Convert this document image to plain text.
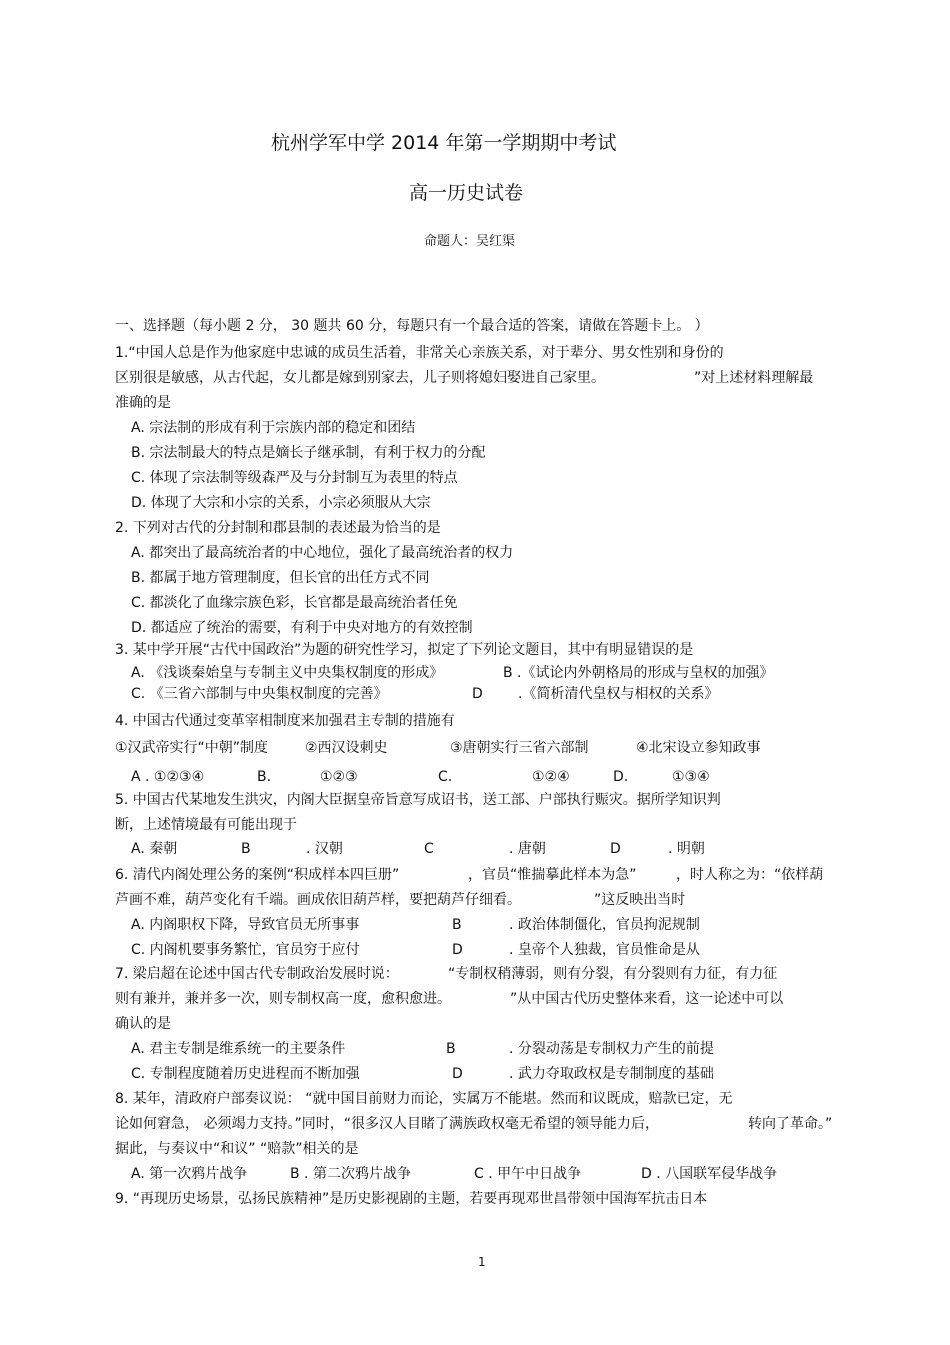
杭州学军中学 2014 年第一学期期中考试
高一历史试卷
命题人：吴红渠
一、选择题（每小题 2 分， 30 题共 60 分，每题只有一个最合适的答案，请做在答题卡上。 ）
1.“中国人总是作为他家庭中忠诚的成员生活着，非常关心亲族关系，对于辈分、男女性别和身份的
区别很是敏感，从古代起，女儿都是嫁到别家去，儿子则将媳妇娶进自己家里。	”对上述材料理解最
准确的是
A. 宗法制的形成有利于宗族内部的稳定和团结
B. 宗法制最大的特点是嫡长子继承制，有利于权力的分配
C. 体现了宗法制等级森严及与分封制互为表里的特点
D. 体现了大宗和小宗的关系，小宗必须服从大宗
2. 下列对古代的分封制和郡县制的表述最为恰当的是
A. 都突出了最高统治者的中心地位，强化了最高统治者的权力
B. 都属于地方管理制度，但长官的出任方式不同
C. 都淡化了血缘宗族色彩，长官都是最高统治者任免
D. 都适应了统治的需要，有利于中央对地方的有效控制
3. 某中学开展“古代中国政治”为题的研究性学习，拟定了下列论文题目，其中有明显错误的是
A. 《浅谈秦始皇与专制主义中央集权制度的形成》	B .《试论内外朝格局的形成与皇权的加强》
C. 《三省六部制与中央集权制度的完善》	D	.《简析清代皇权与相权的关系》
4. 中国古代通过变革宰相制度来加强君主专制的措施有
①汉武帝实行“中朝”制度	②西汉设刺史	③唐朝实行三省六部制	④北宋设立参知政事
A . ①②③④	B.	①②③	C.	①②④	D.	①③④
5. 中国古代某地发生洪灾，内阁大臣据皇帝旨意写成诏书，送工部、户部执行赈灾。据所学知识判
断，上述情境最有可能出现于
A. 秦朝	B	. 汉朝	C	. 唐朝	D	. 明朝
6. 清代内阁处理公务的案例“积成样本四巨册”	，官员“惟揣摹此样本为急”	，时人称之为：“依样葫
芦画不难，葫芦变化有千端。画成依旧葫芦样，要把葫芦仔细看。	”这反映出当时
A. 内阁职权下降，导致官员无所事事	B	. 政治体制僵化，官员拘泥规制
C. 内阁机要事务繁忙，官员穷于应付	D	. 皇帝个人独裁，官员惟命是从
7. 梁启超在论述中国古代专制政治发展时说：	“专制权稍薄弱，则有分裂，有分裂则有力征，有力征
则有兼并，兼并多一次，则专制权高一度，愈积愈进。	”从中国古代历史整体来看，这一论述中可以
确认的是
A. 君主专制是维系统一的主要条件	B	. 分裂动荡是专制权力产生的前提
C. 专制程度随着历史进程而不断加强	D	. 武力夺取政权是专制制度的基础
8. 某年，清政府户部奏议说： “就中国目前财力而论，实属万不能堪。然而和议既成，赔款已定，无
论如何窘急， 必须竭力支持。”同时，“很多汉人目睹了满族政权毫无希望的领导能力后，	转向了革命。”
据此，与奏议中“和议” “赔款”相关的是
A. 第一次鸦片战争	B . 第二次鸦片战争	C . 甲午中日战争	D . 八国联军侵华战争
9. “再现历史场景，弘扬民族精神”是历史影视剧的主题，若要再现邓世昌带领中国海军抗击日本
1
